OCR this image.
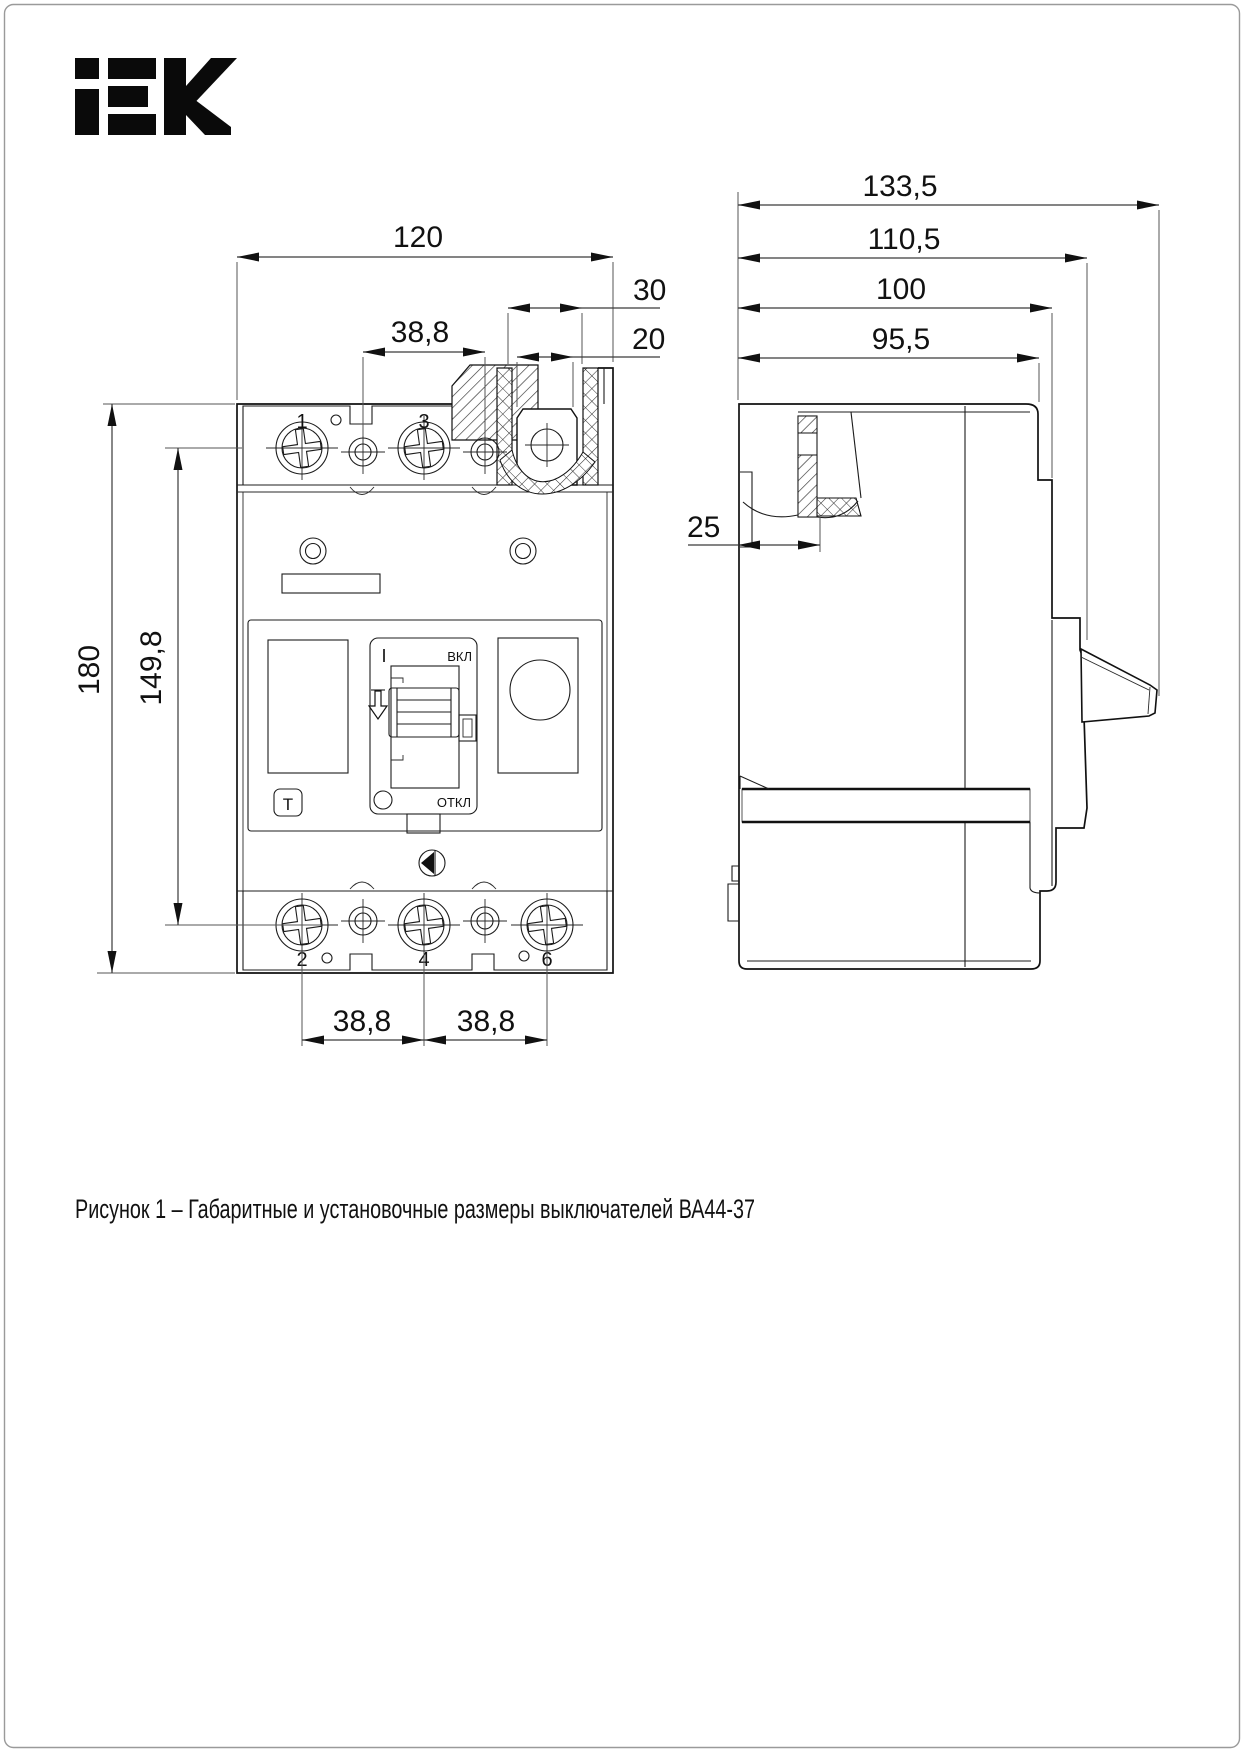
1	3
I	ВКЛ
ОТКЛ
Т
2	4	6
120
38,8
30
20
180 149,8
38,8 38,8
133,5
110,5
100
95,5
25
Рисунок 1 – Габаритные и установочные размеры выключателей ВА44-37
